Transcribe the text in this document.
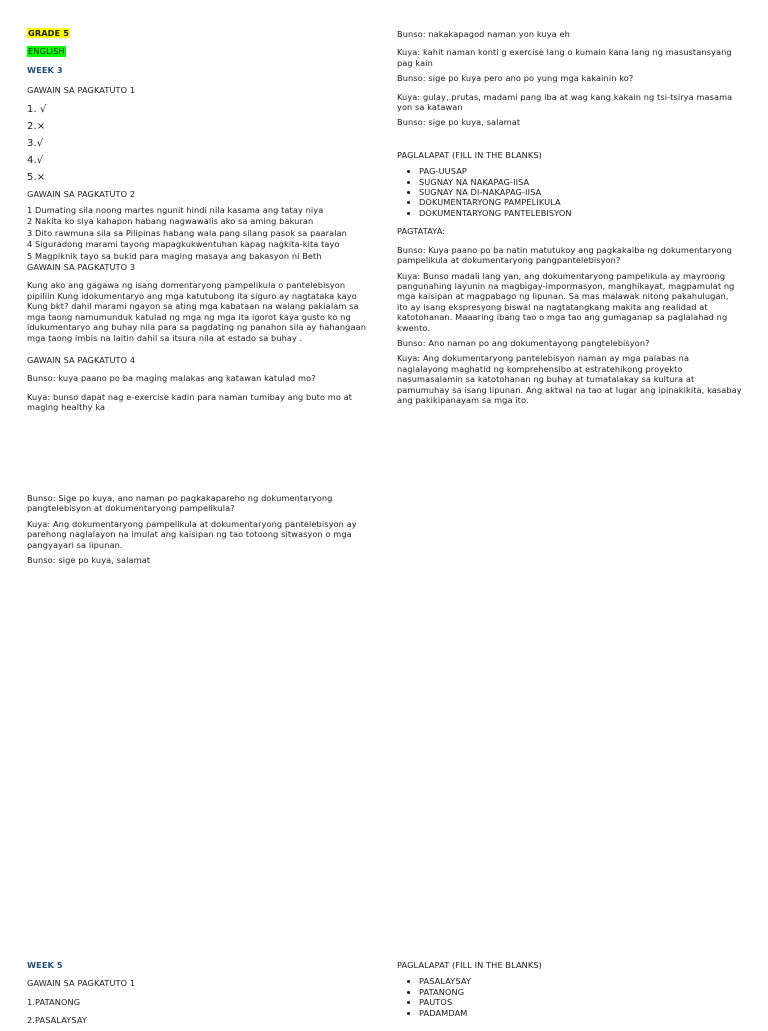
GRADE 5

ENGLISH

WEEK 3

GAWAIN SA PAGKATUTO 1

1. √

2.×

3.√

4.√

5.×

GAWAIN SA PAGKATUTO 2

1 Dumating sila noong martes ngunit hindi nila kasama ang tatay niya
2 Nakita ko siya kahapon habang nagwawalis ako sa aming bakuran
3 Dito rawmuna sila sa Pilipinas habang wala pang silang pasok sa paaralan
4 Siguradong marami tayong mapagkukwentuhan kapag nagkita-kita tayo
5 Magpiknik tayo sa bukid para maging masaya ang bakasyon ni Beth

GAWAIN SA PAGKATUTO 3

Kung ako ang gagawa ng isang domentaryong pampelikula o pantelebisyon pipiliin Kung idokumentaryo ang mga katutubong ita siguro ay nagtataka kayo Kung bkt? dahil marami ngayon sa ating mga kabataan na walang pakialam sa mga taong namumunduk katulad ng mga ng mga ita igorot kaya gusto ko ng idukumentaryo ang buhay nila para sa pagdating ng panahon sila ay hahangaan mga taong imbis na laitin dahil sa itsura nila at estado sa buhay .

GAWAIN SA PAGKATUTO 4

Bunso: kuya paano po ba maging malakas ang katawan katulad mo?

Kuya: bunso dapat nag e-exercise kadin para naman tumibay ang buto mo at maging healthy ka

Bunso: Sige po kuya, ano naman po pagkakapareho ng dokumentaryong pangtelebisyon at dokumentaryong pampelikula?

Kuya: Ang dokumentaryong pampelikula at dokumentaryong pantelebisyon ay parehong naglalayon na imulat ang kaisipan ng tao totoong sitwasyon o mga pangyayari sa lipunan.

Bunso: sige po kuya, salamat

WEEK 5

GAWAIN SA PAGKATUTO 1

1.PATANONG

2.PASALAYSAY

Bunso: nakakapagod naman yon kuya eh

Kuya: kahit naman konti g exercise lang o kumain kana lang ng masustansyang pag kain

Bunso: sige po kuya pero ano po yung mga kakainin ko?

Kuya: gulay, prutas, madami pang iba at wag kang kakain ng tsi-tsirya masama yon sa katawan

Bunso: sige po kuya, salamat

PAGLALAPAT (FILL IN THE BLANKS)

• PAG-UUSAP
• SUGNAY NA NAKAPAG-IISA
• SUGNAY NA DI-NAKAPAG-IISA
• DOKUMENTARYONG PAMPELIKULA
• DOKUMENTARYONG PANTELEBISYON

PAGTATAYA:

Bunso: Kuya paano po ba natin matutukoy ang pagkakaiba ng dokumentaryong pampelikula at dokumentaryong pangpantelebisyon?

Kuya: Bunso madali lang yan, ang dokumentaryong pampelikula ay mayroong pangunahing layunin na magbigay-impormasyon, manghikayat, magpamulat ng mga kaisipan at magpabago ng lipunan. Sa mas malawak nitong pakahulugan, ito ay isang ekspresyong biswal na nagtatangkang makita ang realidad at katotohanan. Maaaring ibang tao o mga tao ang gumaganap sa paglalahad ng kwento.

Bunso: Ano naman po ang dokumentayong pangtelebisyon?

Kuya: Ang dokumentaryong pantelebisyon naman ay mga palabas na naglalayong maghatid ng komprehensibo at estratehikong proyekto nasumasalamin sa katotohanan ng buhay at tumatalakay sa kultura at pamumuhay sa isang lipunan. Ang aktwal na tao at lugar ang ipinakikita, kasabay ang pakikipanayam sa mga ito.

PAGLALAPAT (FILL IN THE BLANKS)

• PASALAYSAY
• PATANONG
• PAUTOS
• PADAMDAM
